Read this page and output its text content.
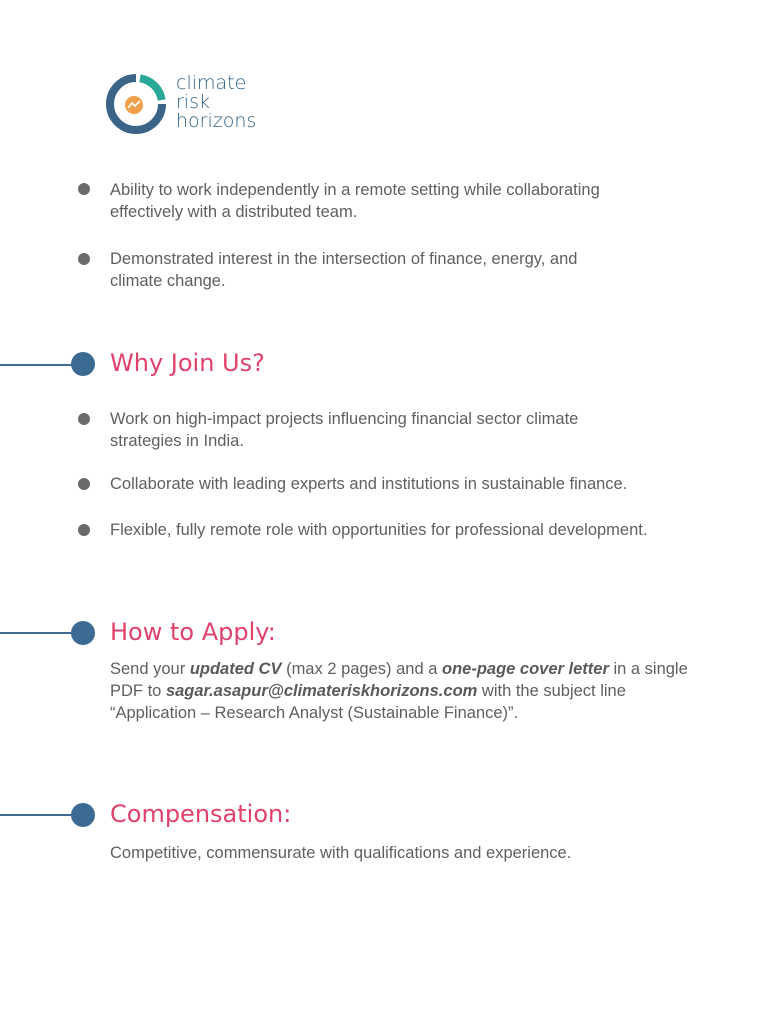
climate
risk
horizons
Ability to work independently in a remote setting while collaborating
effectively with a distributed team.
Demonstrated interest in the intersection of finance, energy, and
climate change.
Why Join Us?
Work on high-impact projects influencing financial sector climate
strategies in India.
Collaborate with leading experts and institutions in sustainable finance.
Flexible, fully remote role with opportunities for professional development.
How to Apply:
Send your updated CV (max 2 pages) and a one-page cover letter in a single
PDF to sagar.asapur@climateriskhorizons.com with the subject line
“Application – Research Analyst (Sustainable Finance)”.
Compensation:
Competitive, commensurate with qualifications and experience.
